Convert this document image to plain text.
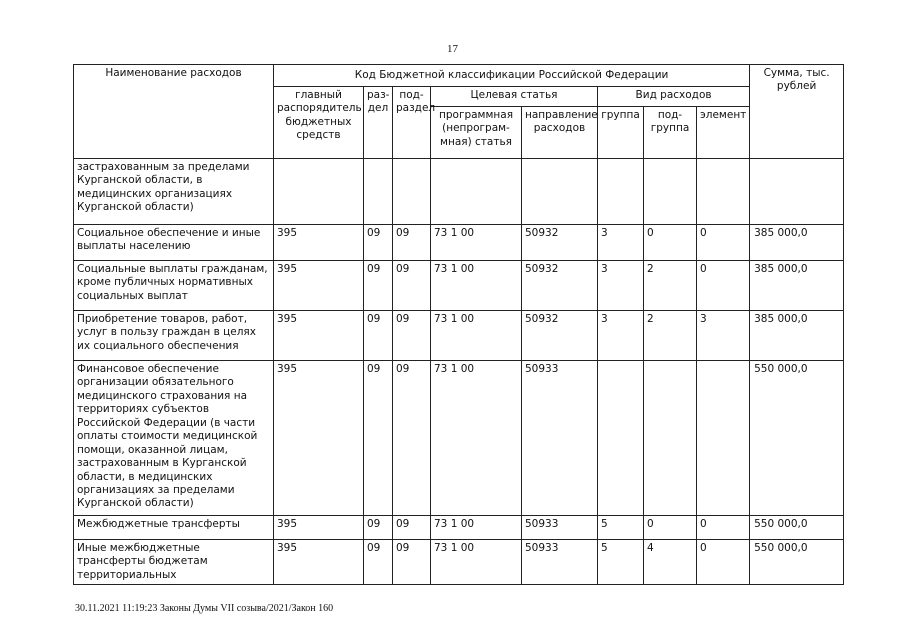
17
Наименование расходов	Код Бюджетной классификации Российской Федерации								Сумма, тыс. рублей
	главный распорядитель бюджетных средств	раз-дел	под-раздел	Целевая статья		Вид расходов			
				программная (непрограм-мная) статья	направление расходов	группа	под-группа	элемент	
застрахованным за пределами Курганской области, в медицинских организациях Курганской области)									
Социальное обеспечение и иные выплаты населению	395	09	09	73 1 00	50932	3	0	0	385 000,0
Социальные выплаты гражданам, кроме публичных нормативных социальных выплат	395	09	09	73 1 00	50932	3	2	0	385 000,0
Приобретение товаров, работ, услуг в пользу граждан в целях их социального обеспечения	395	09	09	73 1 00	50932	3	2	3	385 000,0
Финансовое обеспечение организации обязательного медицинского страхования на территориях субъектов Российской Федерации (в части оплаты стоимости медицинской помощи, оказанной лицам, застрахованным в Курганской области, в медицинских организациях за пределами Курганской области)	395	09	09	73 1 00	50933				550 000,0
Межбюджетные трансферты	395	09	09	73 1 00	50933	5	0	0	550 000,0
Иные межбюджетные трансферты бюджетам территориальных	395	09	09	73 1 00	50933	5	4	0	550 000,0
30.11.2021 11:19:23 Законы Думы VII созыва/2021/Закон 160
